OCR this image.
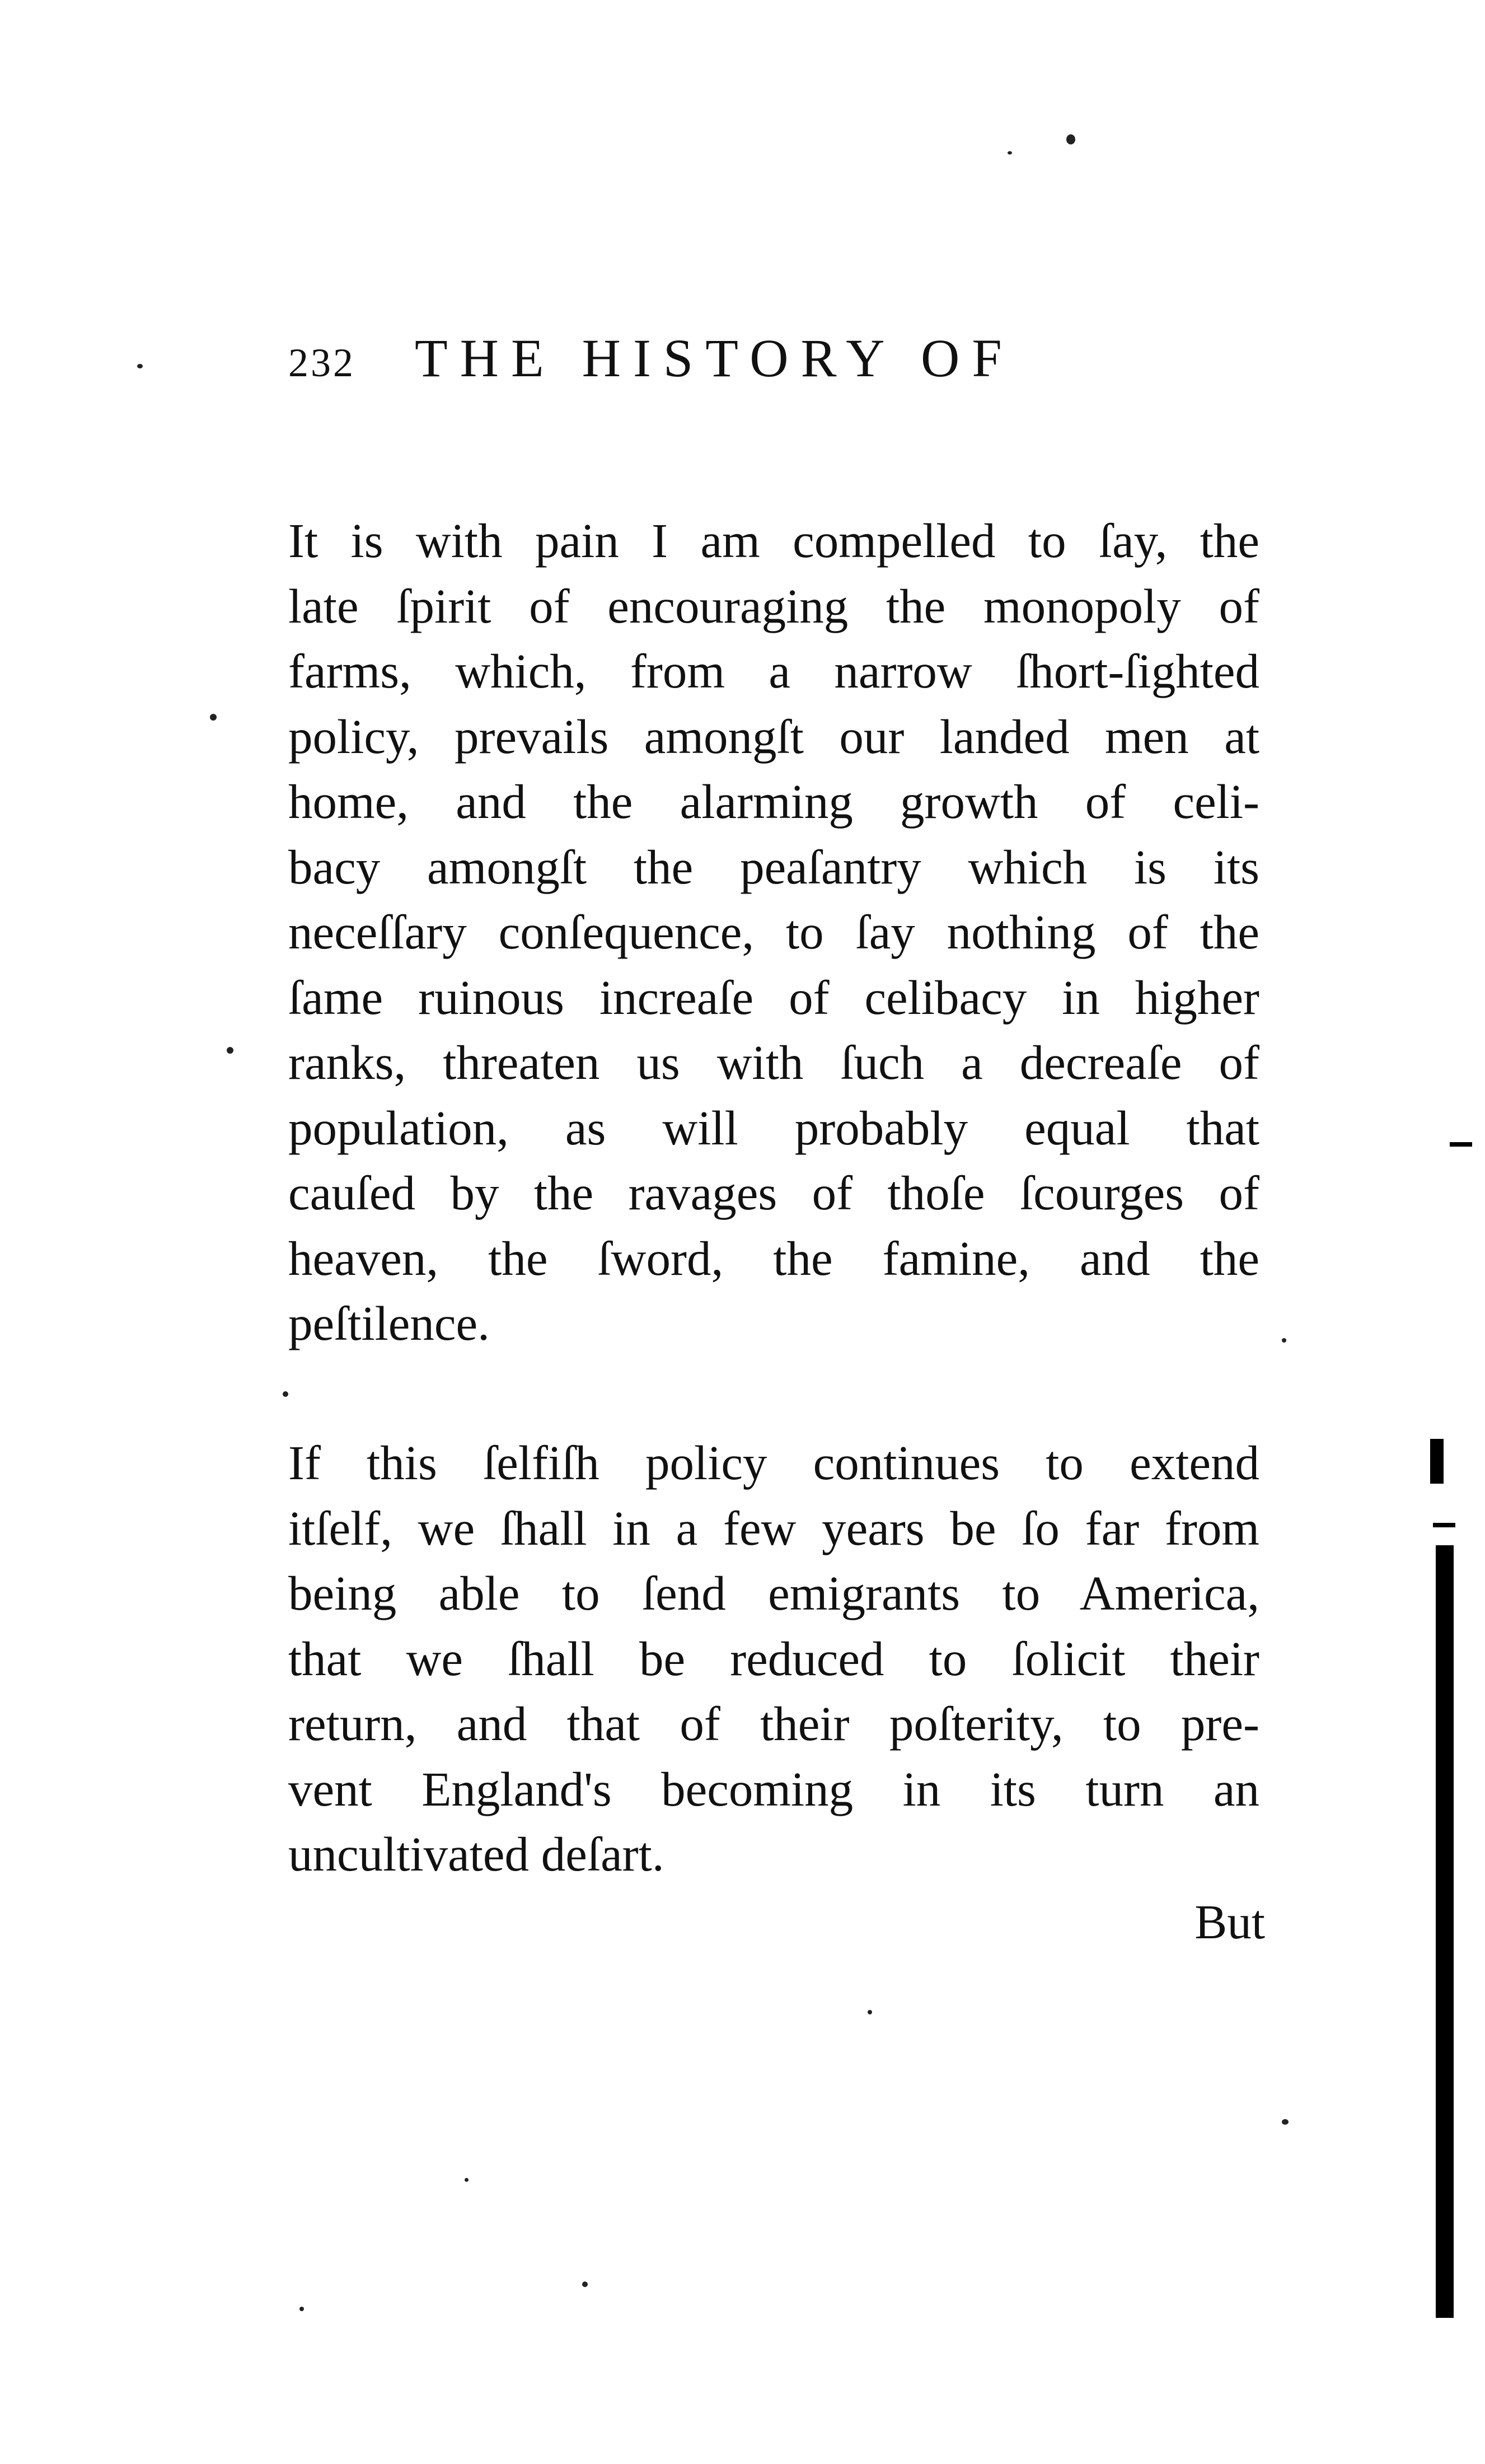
232 THE HISTORY OF
It is with pain I am compelled to ſay, the
late ſpirit of encouraging the monopoly of
farms, which, from a narrow ſhort-ſighted
policy, prevails amongſt our landed men at
home, and the alarming growth of celi-
bacy amongſt the peaſantry which is its
neceſſary conſequence, to ſay nothing of the
ſame ruinous increaſe of celibacy in higher
ranks, threaten us with ſuch a decreaſe of
population, as will probably equal that
cauſed by the ravages of thoſe ſcourges of
heaven, the ſword, the famine, and the
peſtilence.
If this ſelfiſh policy continues to extend
itſelf, we ſhall in a few years be ſo far from
being able to ſend emigrants to America,
that we ſhall be reduced to ſolicit their
return, and that of their poſterity, to pre-
vent England's becoming in its turn an
uncultivated deſart.
But
